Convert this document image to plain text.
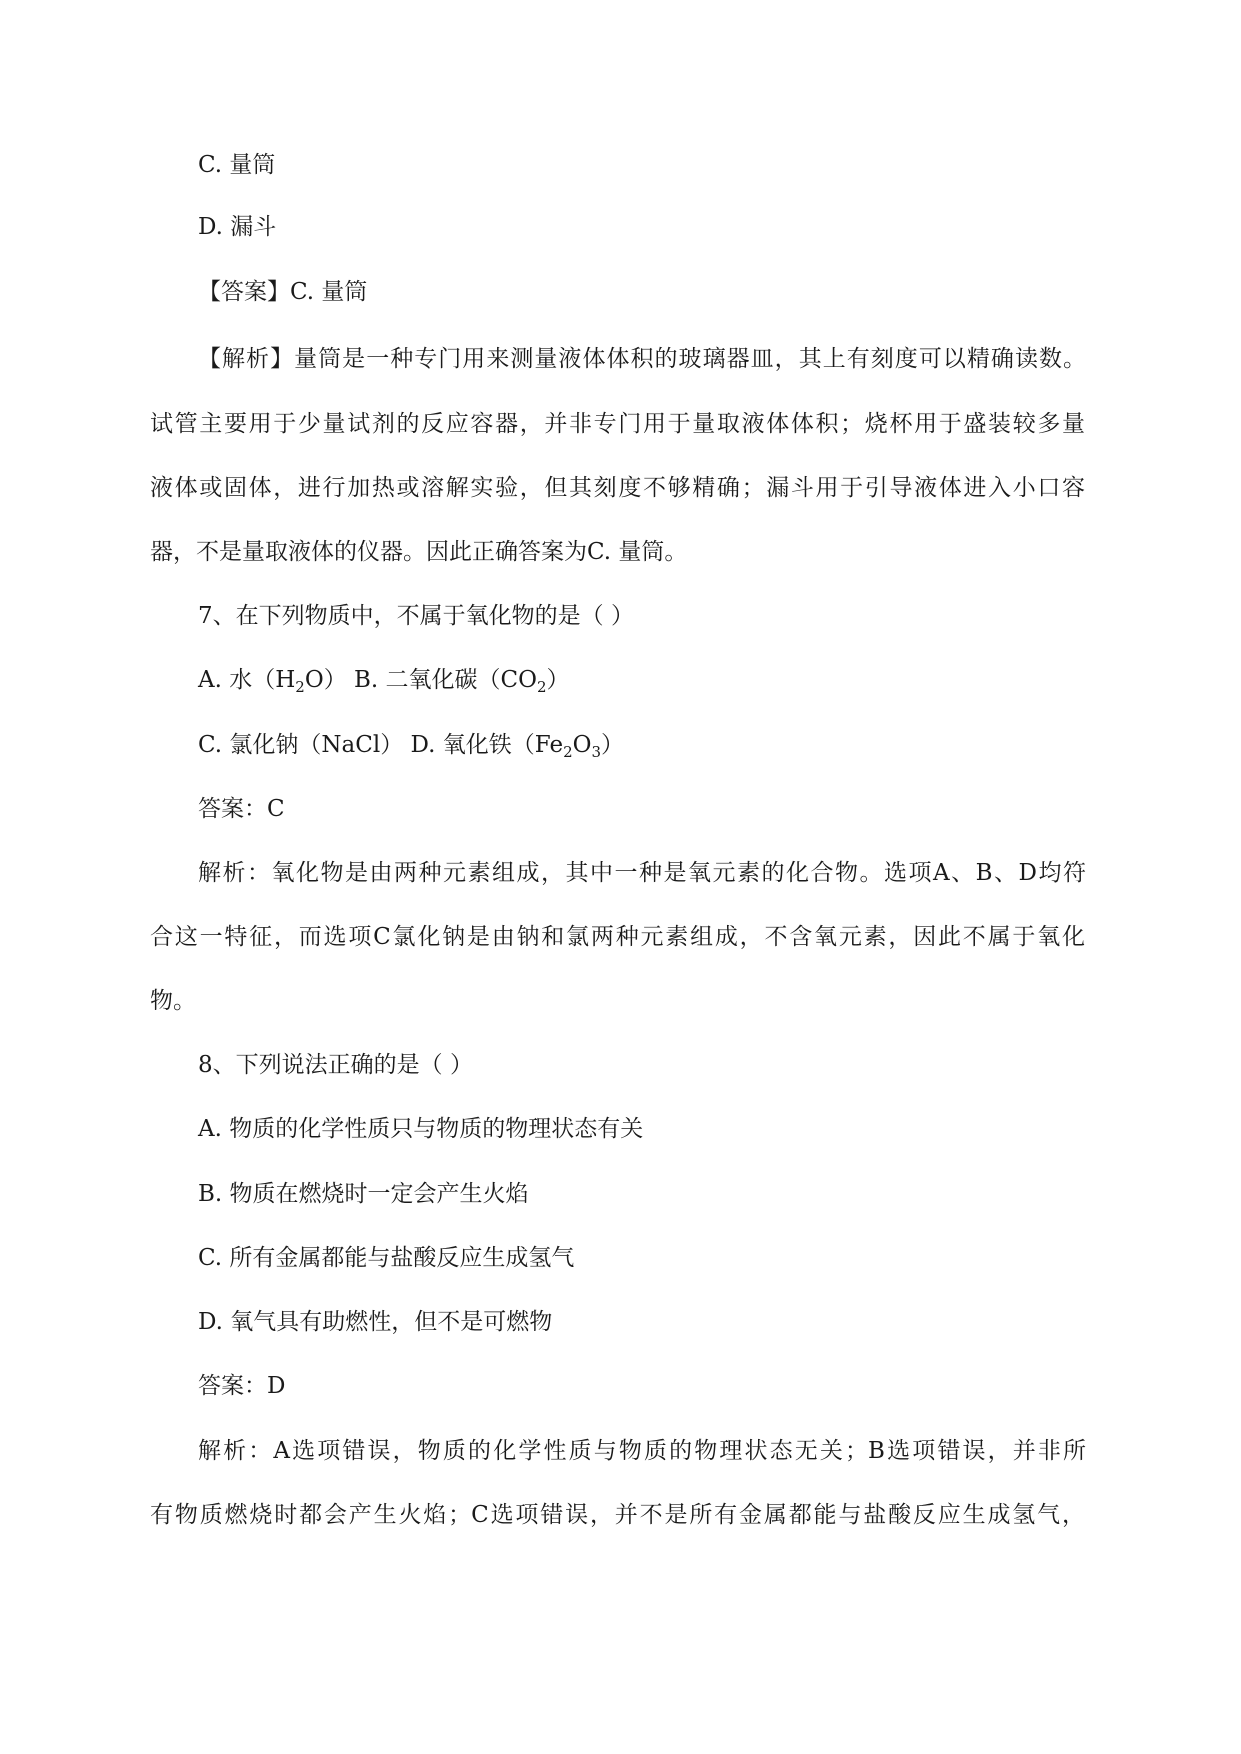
C. 量筒

D. 漏斗

【答案】C. 量筒

【解析】量筒是一种专门用来测量液体体积的玻璃器皿，其上有刻度可以精确读数。

试管主要用于少量试剂的反应容器，并非专门用于量取液体体积；烧杯用于盛装较多量

液体或固体，进行加热或溶解实验，但其刻度不够精确；漏斗用于引导液体进入小口容

器，不是量取液体的仪器。因此正确答案为C. 量筒。

7、在下列物质中，不属于氧化物的是（ ）

A. 水$(H_2O)$ B. 二氧化碳$(CO_2)$

C. 氯化钠（NaCl） D. 氧化铁$(Fe_2O_3)$

答案：C

解析：氧化物是由两种元素组成，其中一种是氧元素的化合物。选项A、B、D均符

合这一特征，而选项C氯化钠是由钠和氯两种元素组成，不含氧元素，因此不属于氧化

物。

8、下列说法正确的是（ ）

A. 物质的化学性质只与物质的物理状态有关

B. 物质在燃烧时一定会产生火焰

C. 所有金属都能与盐酸反应生成氢气

D. 氧气具有助燃性，但不是可燃物

答案：D

解析：A选项错误，物质的化学性质与物质的物理状态无关；B选项错误，并非所

有物质燃烧时都会产生火焰；C选项错误，并不是所有金属都能与盐酸反应生成氢气，
